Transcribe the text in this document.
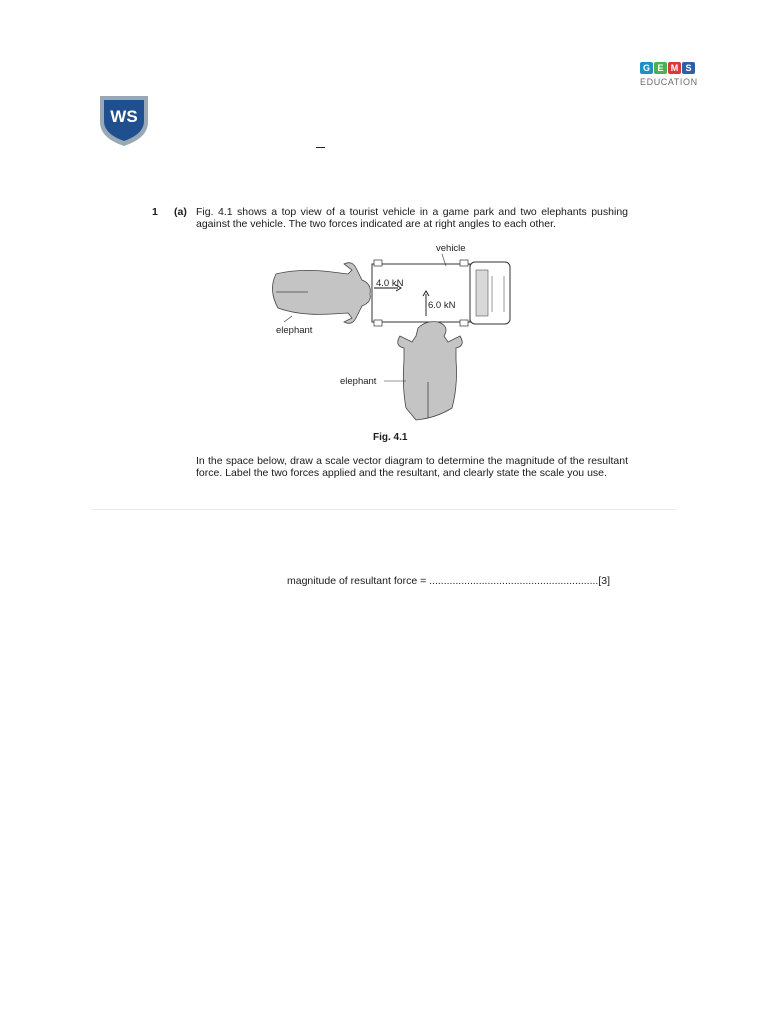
WS
G E M S
EDUCATION
1 (a) Fig. 4.1 shows a top view of a tourist vehicle in a game park and two elephants pushing against the vehicle. The two forces indicated are at right angles to each other.
vehicle
4.0 kN
6.0 kN
elephant
elephant
Fig. 4.1
In the space below, draw a scale vector diagram to determine the magnitude of the resultant force. Label the two forces applied and the resultant, and clearly state the scale you use.
magnitude of resultant force = ..........................................................[3]
